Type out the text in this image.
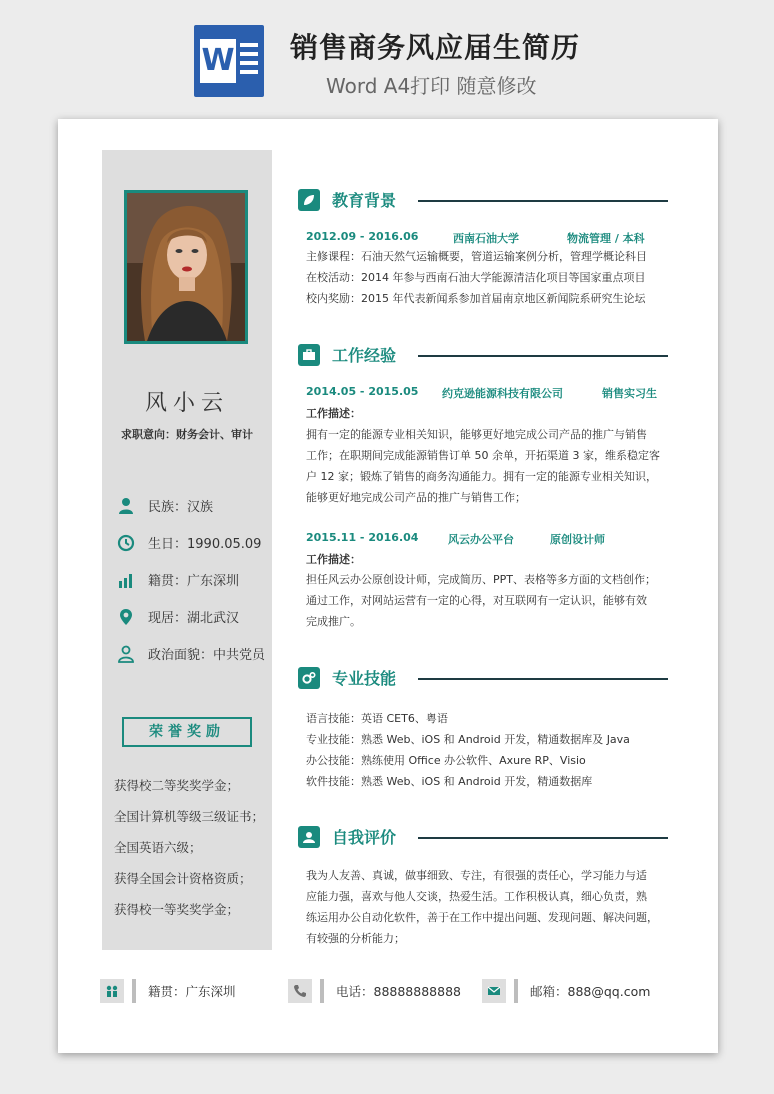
W 销售商务风应届生简历
Word A4打印 随意修改
风小云
求职意向：财务会计、审计
民族：汉族
生日：1990.05.09
籍贯：广东深圳
现居：湖北武汉
政治面貌：中共党员
荣誉奖励
获得校二等奖奖学金；
全国计算机等级三级证书；
全国英语六级；
获得全国会计资格资质；
获得校一等奖奖学金；
教育背景
2012.09 - 2016.06	西南石油大学	物流管理 / 本科
主修课程：石油天然气运输概要，管道运输案例分析，管理学概论科目
在校活动：2014 年参与西南石油大学能源清洁化项目等国家重点项目
校内奖励：2015 年代表新闻系参加首届南京地区新闻院系研究生论坛
工作经验
2014.05 - 2015.05 约克逊能源科技有限公司	销售实习生
工作描述：
拥有一定的能源专业相关知识，能够更好地完成公司产品的推广与销售
工作；在职期间完成能源销售订单 50 余单，开拓渠道 3 家，维系稳定客
户 12 家；锻炼了销售的商务沟通能力。拥有一定的能源专业相关知识，
能够更好地完成公司产品的推广与销售工作；
2015.11 - 2016.04	风云办公平台	原创设计师
工作描述：
担任风云办公原创设计师，完成简历、PPT、表格等多方面的文档创作；
通过工作，对网站运营有一定的心得，对互联网有一定认识，能够有效
完成推广。
专业技能
语言技能：英语 CET6、粤语
专业技能：熟悉 Web、iOS 和 Android 开发，精通数据库及 Java
办公技能：熟练使用 Office 办公软件、Axure RP、Visio
软件技能：熟悉 Web、iOS 和 Android 开发，精通数据库
自我评价
我为人友善、真诚，做事细致、专注，有很强的责任心，学习能力与适
应能力强，喜欢与他人交谈，热爱生活。工作积极认真，细心负责，熟
练运用办公自动化软件，善于在工作中提出问题、发现问题、解决问题，
有较强的分析能力；
籍贯：广东深圳	电话：88888888888	邮箱：888@qq.com
